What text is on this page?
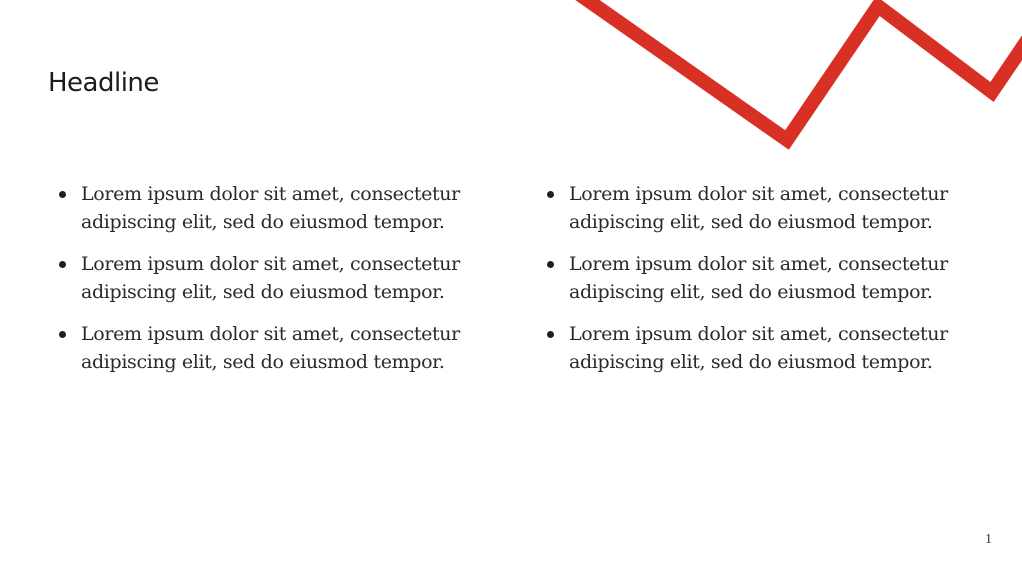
Headline
Lorem ipsum dolor sit amet, consectetur adipiscing elit, sed do eiusmod tempor.
Lorem ipsum dolor sit amet, consectetur adipiscing elit, sed do eiusmod tempor.
Lorem ipsum dolor sit amet, consectetur adipiscing elit, sed do eiusmod tempor.
Lorem ipsum dolor sit amet, consectetur adipiscing elit, sed do eiusmod tempor.
Lorem ipsum dolor sit amet, consectetur adipiscing elit, sed do eiusmod tempor.
Lorem ipsum dolor sit amet, consectetur adipiscing elit, sed do eiusmod tempor.
1
